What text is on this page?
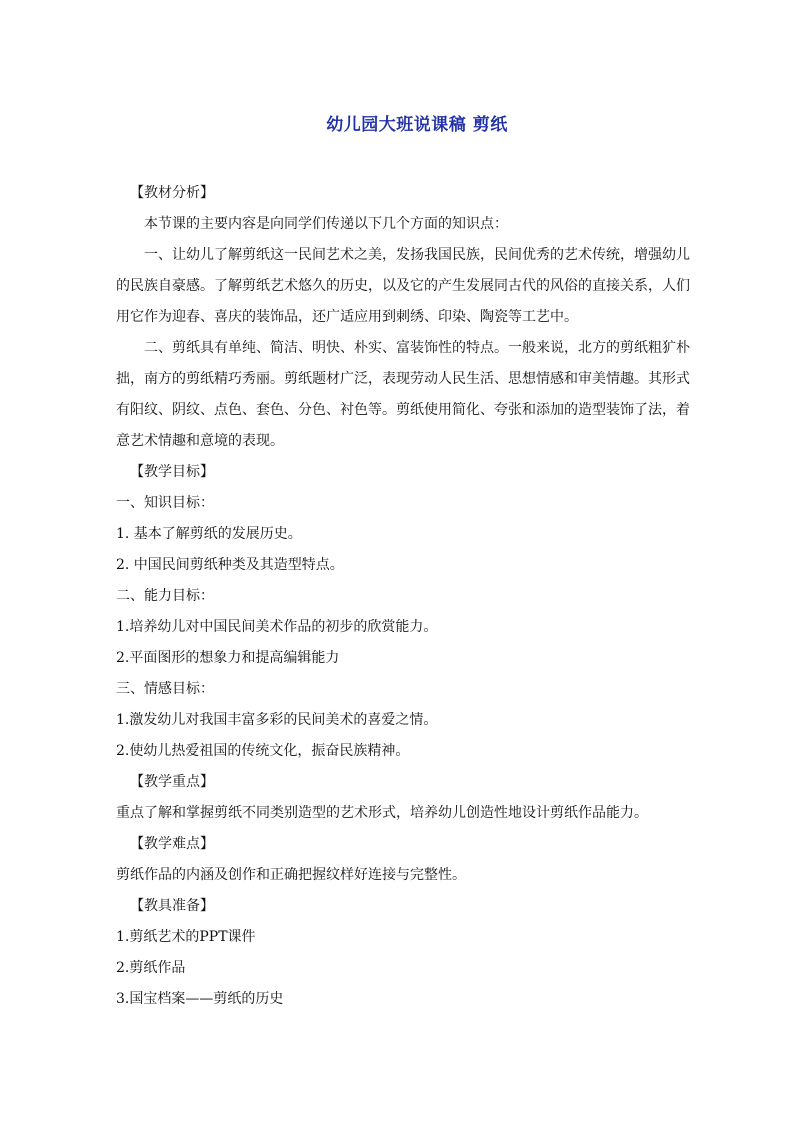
幼儿园大班说课稿 剪纸

【教材分析】

本节课的主要内容是向同学们传递以下几个方面的知识点：

一、让幼儿了解剪纸这一民间艺术之美，发扬我国民族，民间优秀的艺术传统，增强幼儿的民族自豪感。了解剪纸艺术悠久的历史，以及它的产生发展同古代的风俗的直接关系，人们用它作为迎春、喜庆的装饰品，还广适应用到刺绣、印染、陶瓷等工艺中。

二、剪纸具有单纯、简洁、明快、朴实、富装饰性的特点。一般来说，北方的剪纸粗犷朴拙，南方的剪纸精巧秀丽。剪纸题材广泛，表现劳动人民生活、思想情感和审美情趣。其形式有阳纹、阴纹、点色、套色、分色、衬色等。剪纸使用简化、夸张和添加的造型装饰了法，着意艺术情趣和意境的表现。

【教学目标】

一、知识目标：

1. 基本了解剪纸的发展历史。

2. 中国民间剪纸种类及其造型特点。

二、能力目标：

1.培养幼儿对中国民间美术作品的初步的欣赏能力。

2.平面图形的想象力和提高编辑能力

三、情感目标：

1.激发幼儿对我国丰富多彩的民间美术的喜爱之情。

2.使幼儿热爱祖国的传统文化，振奋民族精神。

【教学重点】

重点了解和掌握剪纸不同类别造型的艺术形式，培养幼儿创造性地设计剪纸作品能力。

【教学难点】

剪纸作品的内涵及创作和正确把握纹样好连接与完整性。

【教具准备】

1.剪纸艺术的PPT课件

2.剪纸作品

3.国宝档案——剪纸的历史
